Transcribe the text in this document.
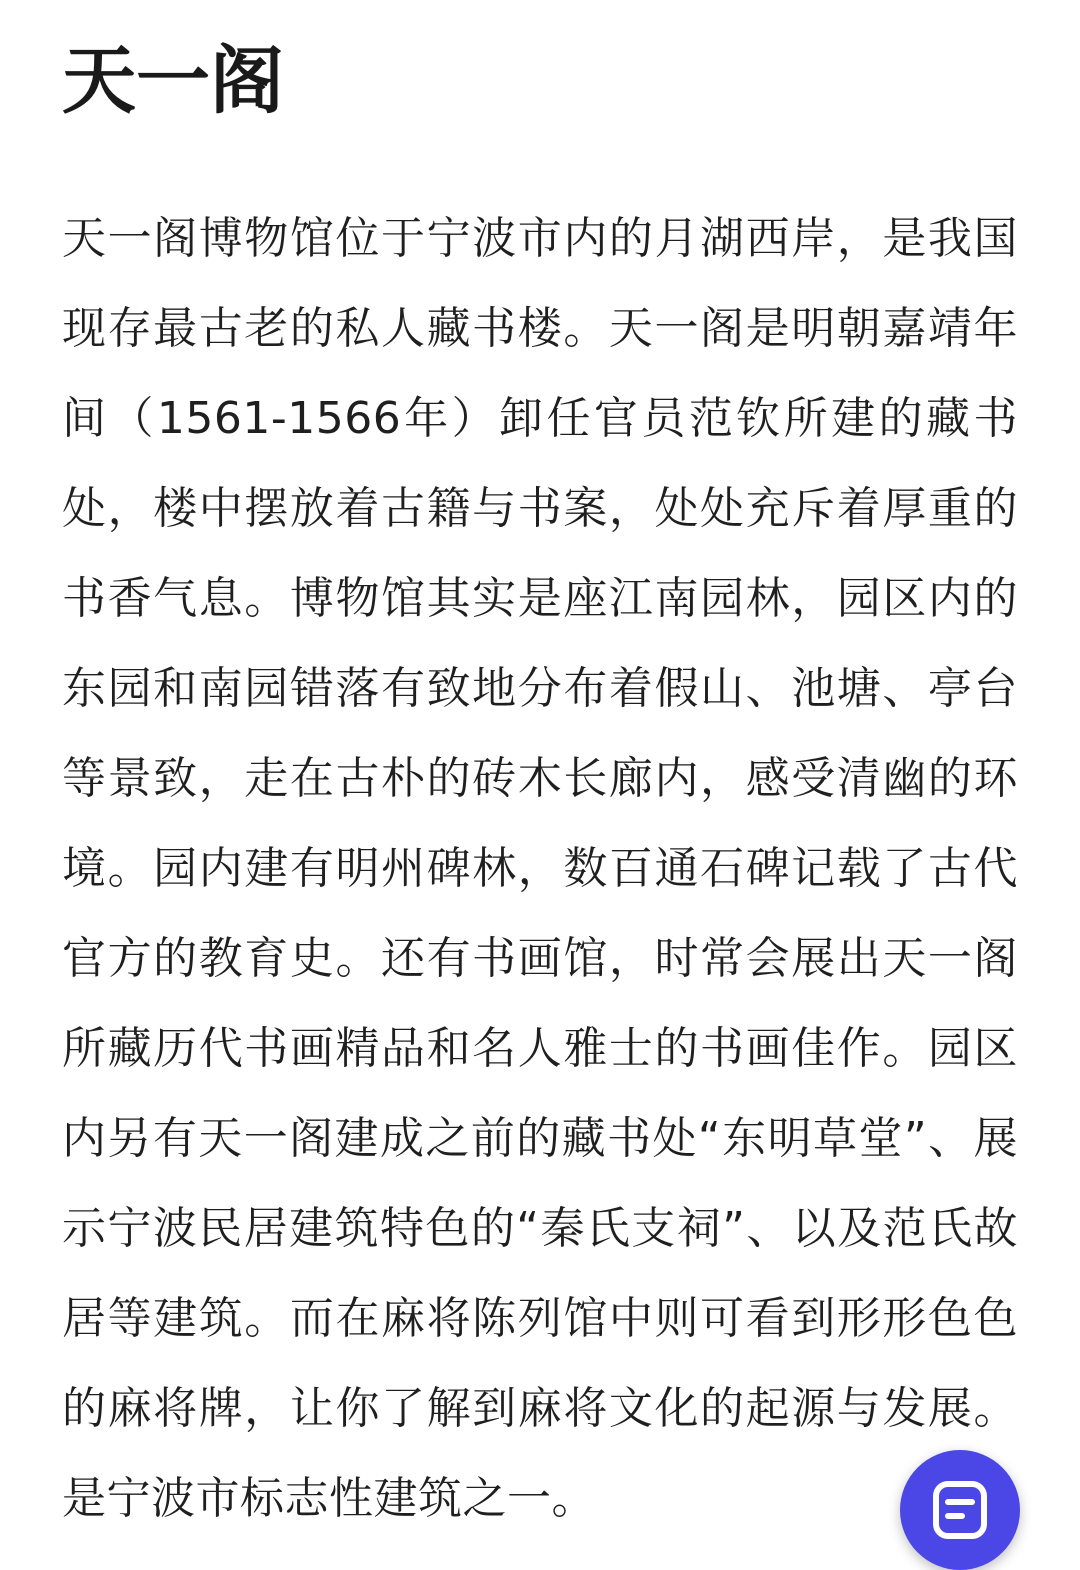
天一阁

天一阁博物馆位于宁波市内的月湖西岸，是我国现存最古老的私人藏书楼。天一阁是明朝嘉靖年间（1561-1566年）卸任官员范钦所建的藏书处，楼中摆放着古籍与书案，处处充斥着厚重的书香气息。博物馆其实是座江南园林，园区内的东园和南园错落有致地分布着假山、池塘、亭台等景致，走在古朴的砖木长廊内，感受清幽的环境。园内建有明州碑林，数百通石碑记载了古代官方的教育史。还有书画馆，时常会展出天一阁所藏历代书画精品和名人雅士的书画佳作。园区内另有天一阁建成之前的藏书处“东明草堂”、展示宁波民居建筑特色的“秦氏支祠”、以及范氏故居等建筑。而在麻将陈列馆中则可看到形形色色的麻将牌，让你了解到麻将文化的起源与发展。是宁波市标志性建筑之一。
